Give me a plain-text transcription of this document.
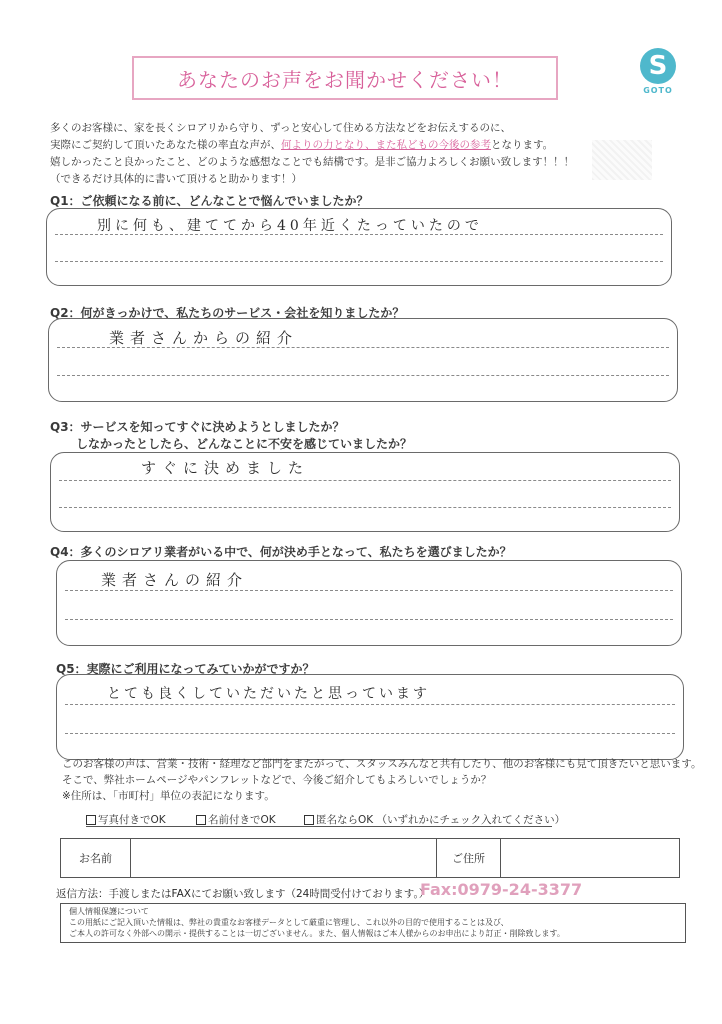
あなたのお声をお聞かせください！	S
GOTO
多くのお客様に、家を長くシロアリから守り、ずっと安心して住める方法などをお伝えするのに、
実際にご契約して頂いたあなた様の率直な声が、何よりの力となり、また私どもの今後の参考となります。
嬉しかったこと良かったこと、どのような感想なことでも結構です。是非ご協力よろしくお願い致します！！！
（できるだけ具体的に書いて頂けると助かります！）
Q1：ご依頼になる前に、どんなことで悩んでいましたか？
別に何も、建ててから40年近くたっていたので
Q2：何がきっかけで、私たちのサービス・会社を知りましたか？
業者さんからの紹介
Q3：サービスを知ってすぐに決めようとしましたか？
しなかったとしたら、どんなことに不安を感じていましたか？
すぐに決めました
Q4：多くのシロアリ業者がいる中で、何が決め手となって、私たちを選びましたか？
業者さんの紹介
Q5：実際にご利用になってみていかがですか？
とても良くしていただいたと思っています
このお客様の声は、営業・技術・経理など部門をまたがって、スタッスみんなと共有したり、他のお客様にも見て頂きたいと思います。
そこで、弊社ホームページやパンフレットなどで、今後ご紹介してもよろしいでしょうか？
※住所は、「市町村」単位の表記になります。
写真付きでOK	名前付きでOK	匿名ならOK （いずれかにチェック入れてください）
お名前	ご住所
返信方法：手渡しまたはFAXにてお願い致します（24時間受付けております。）
Fax:0979-24-3377
個人情報保護について
この用紙にご記入頂いた情報は、弊社の貴重なお客様データとして厳重に管理し、これ以外の目的で使用することは及び、
ご本人の許可なく外部への開示・提供することは一切ございません。また、個人情報はご本人様からのお申出により訂正・削除致します。
